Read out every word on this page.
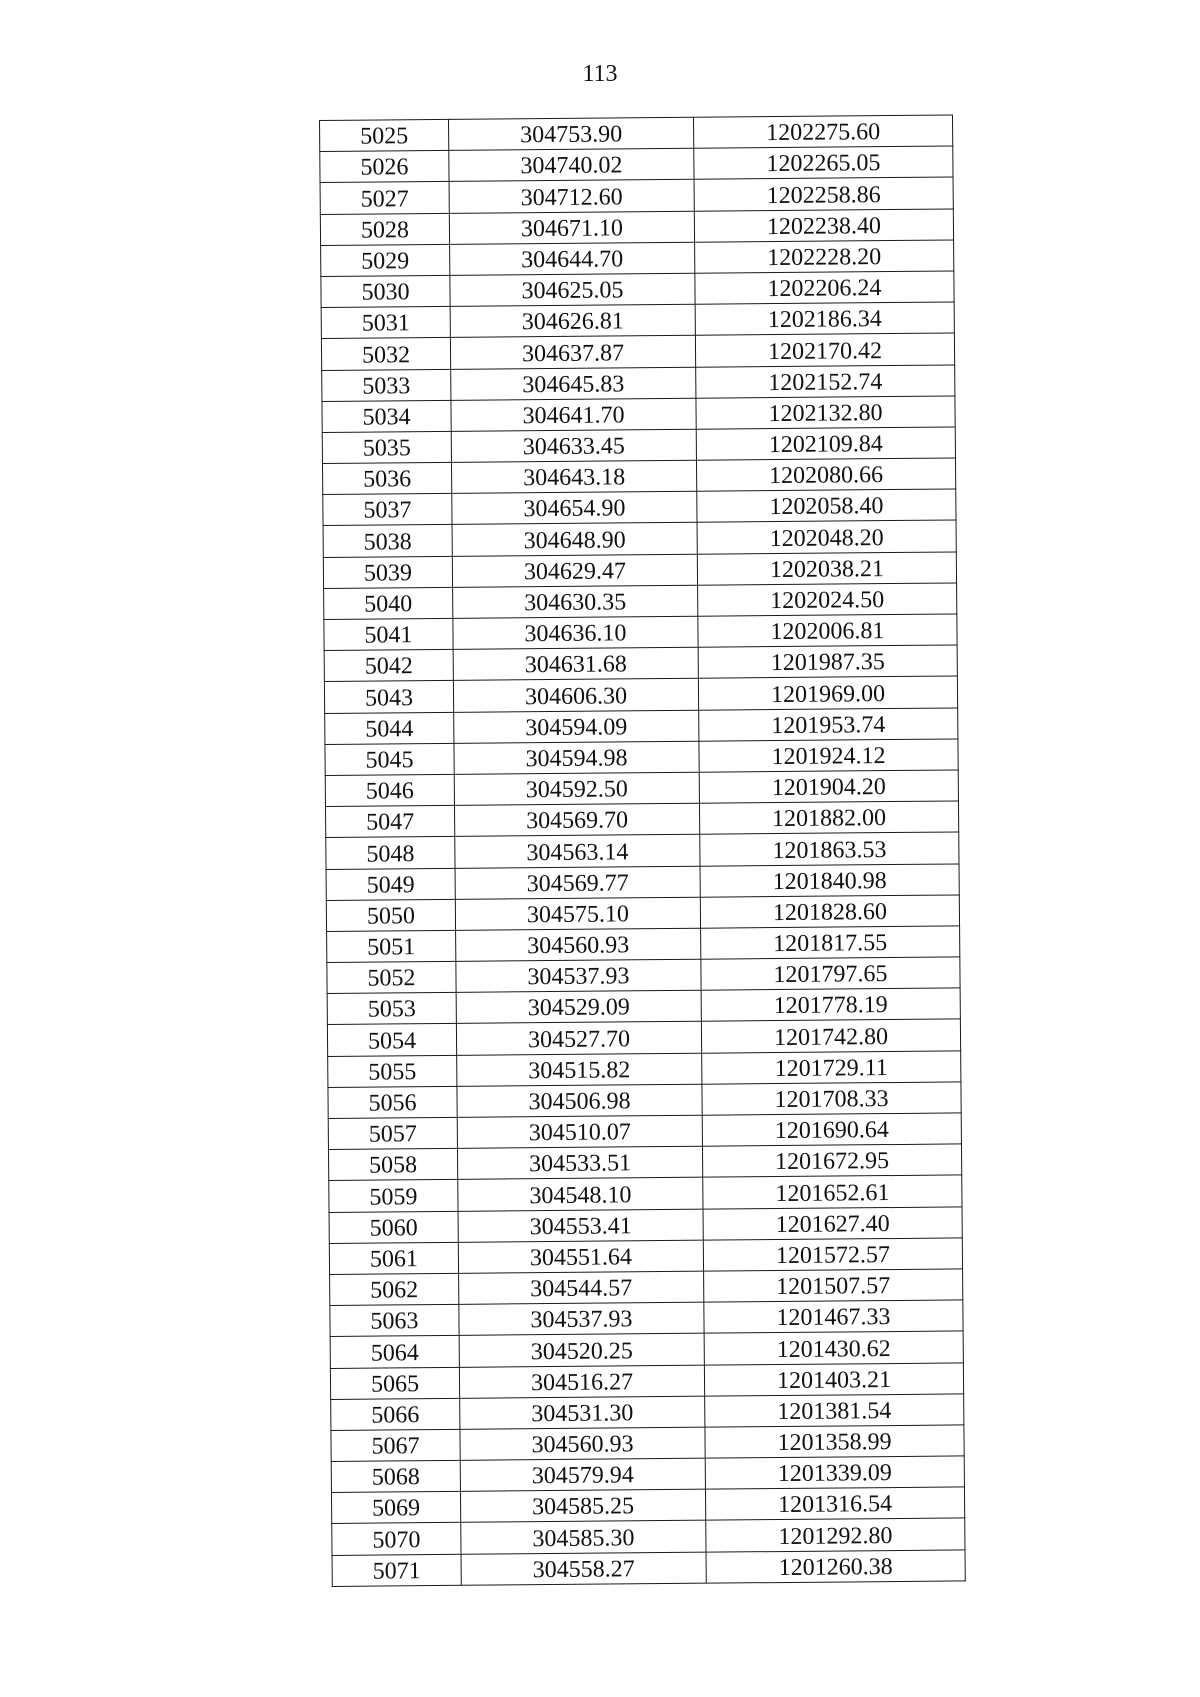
113
5025	304753.90	1202275.60
5026	304740.02	1202265.05
5027	304712.60	1202258.86
5028	304671.10	1202238.40
5029	304644.70	1202228.20
5030	304625.05	1202206.24
5031	304626.81	1202186.34
5032	304637.87	1202170.42
5033	304645.83	1202152.74
5034	304641.70	1202132.80
5035	304633.45	1202109.84
5036	304643.18	1202080.66
5037	304654.90	1202058.40
5038	304648.90	1202048.20
5039	304629.47	1202038.21
5040	304630.35	1202024.50
5041	304636.10	1202006.81
5042	304631.68	1201987.35
5043	304606.30	1201969.00
5044	304594.09	1201953.74
5045	304594.98	1201924.12
5046	304592.50	1201904.20
5047	304569.70	1201882.00
5048	304563.14	1201863.53
5049	304569.77	1201840.98
5050	304575.10	1201828.60
5051	304560.93	1201817.55
5052	304537.93	1201797.65
5053	304529.09	1201778.19
5054	304527.70	1201742.80
5055	304515.82	1201729.11
5056	304506.98	1201708.33
5057	304510.07	1201690.64
5058	304533.51	1201672.95
5059	304548.10	1201652.61
5060	304553.41	1201627.40
5061	304551.64	1201572.57
5062	304544.57	1201507.57
5063	304537.93	1201467.33
5064	304520.25	1201430.62
5065	304516.27	1201403.21
5066	304531.30	1201381.54
5067	304560.93	1201358.99
5068	304579.94	1201339.09
5069	304585.25	1201316.54
5070	304585.30	1201292.80
5071	304558.27	1201260.38
